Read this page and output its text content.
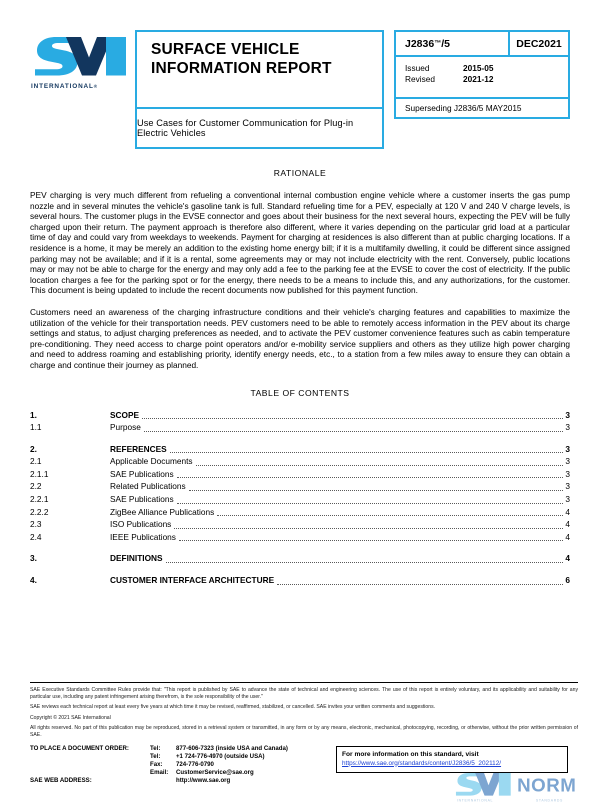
INTERNATIONAL®
SURFACE VEHICLE
INFORMATION REPORT
Use Cases for Customer Communication for Plug-in Electric Vehicles
J2836 ™ /5	DEC2021
Issued	2015-05
Revised	2021-12
Superseding J2836/5 MAY2015
RATIONALE

PEV charging is very much different from refueling a conventional internal combustion engine vehicle where a customer inserts the gas pump nozzle and in several minutes the vehicle's gasoline tank is full. Standard refueling time for a PEV, especially at 120 V and 240 V charge levels, is several hours. The customer plugs in the EVSE connector and goes about their business for the next several hours, expecting the PEV will be fully charged upon their return. The payment approach is therefore also different, where it varies depending on the particular grid load at a particular time of day and could vary from weekdays to weekends. Payment for charging at residences is also different than at public charging locations. If a residence is a home, it may be merely an addition to the existing home energy bill; if it is a multifamily dwelling, it could be different since assigned parking may not be available; and if it is a rental, some agreements may or may not include electricity with the rent. Conversely, public locations may or may not be able to charge for the energy and may only add a fee to the parking fee at the EVSE to cover the cost of electricity. If the public location charges a fee for the parking spot or for the energy, there needs to be a means to include this, and any authorizations, for the customer. This document is being updated to include the recent documents now published for this payment function.

Customers need an awareness of the charging infrastructure conditions and their vehicle's charging features and capabilities to maximize the utilization of the vehicle for their transportation needs. PEV customers need to be able to remotely access information in the PEV about its charge settings and status, to adjust charging preferences as needed, and to activate the PEV customer convenience features such as cabin temperature pre-conditioning. They need access to charge point operators and/or e-mobility service suppliers and others as they utilize high power charging and need to address roaming and establishing priority, identify energy needs, etc., to a station from a few miles away to ensure they can obtain a charge and continue their journey as planned.

TABLE OF CONTENTS
1.	SCOPE	3
1.1	Purpose	3
2.	REFERENCES	3
2.1	Applicable Documents	3
2.1.1	SAE Publications	3
2.2	Related Publications	3
2.2.1	SAE Publications	3
2.2.2	ZigBee Alliance Publications	4
2.3	ISO Publications	4
2.4	IEEE Publications	4
3.	DEFINITIONS	4
4.	CUSTOMER INTERFACE ARCHITECTURE	6

SAE Executive Standards Committee Rules provide that: "This report is published by SAE to advance the state of technical and engineering sciences. The use of this report is entirely voluntary, and its applicability and suitability for any particular use, including any patent infringement arising therefrom, is the sole responsibility of the user."

SAE reviews each technical report at least every five years at which time it may be revised, reaffirmed, stabilized, or cancelled. SAE invites your written comments and suggestions.

Copyright © 2021 SAE International

All rights reserved. No part of this publication may be reproduced, stored in a retrieval system or transmitted, in any form or by any means, electronic, mechanical, photocopying, recording, or otherwise, without the prior written permission of SAE.

TO PLACE A DOCUMENT ORDER:	Tel:	877-606-7323 (inside USA and Canada)
Tel:	+1 724-776-4970 (outside USA)
Fax:	724-776-0790
Email:	CustomerService@sae.org
SAE WEB ADDRESS:	http://www.sae.org
For more information on this standard, visit
https://www.sae.org/standards/content/J2836/5_202112/
NORM
INTERNATIONAL	STANDARDS
